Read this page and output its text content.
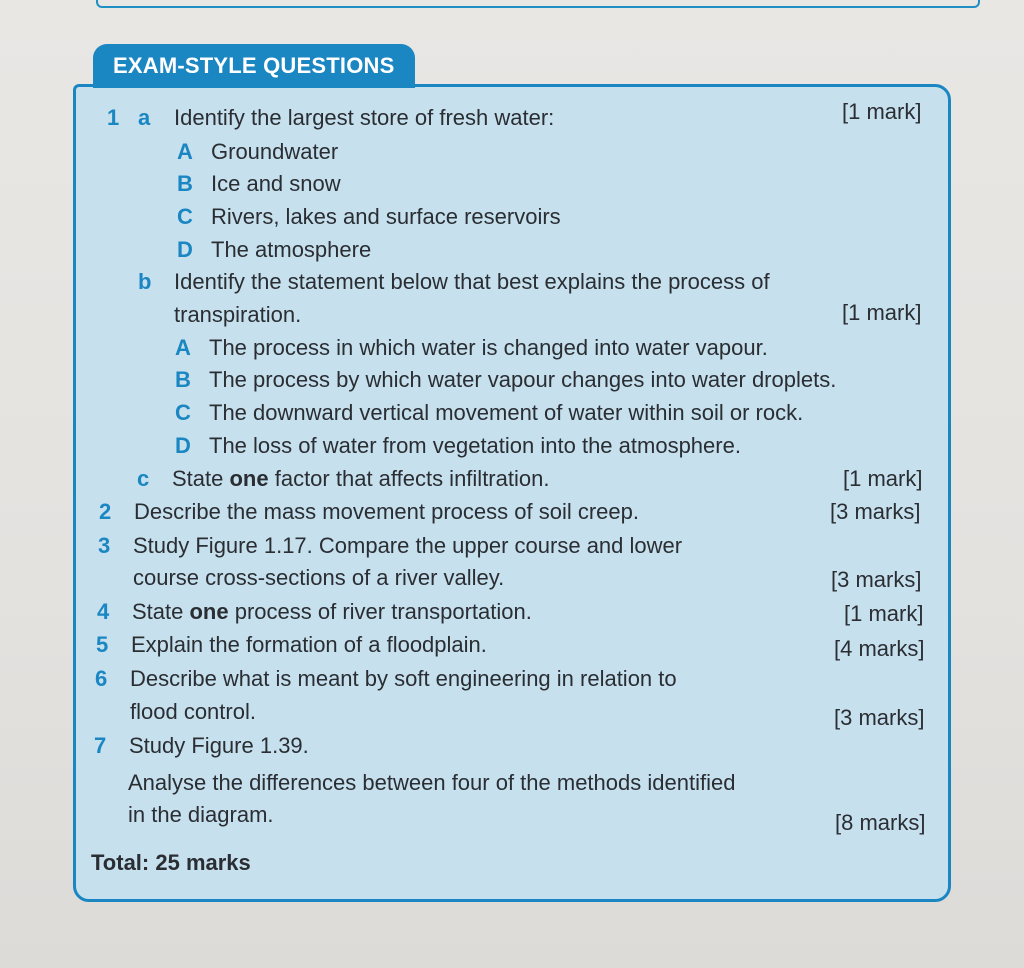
EXAM-STYLE QUESTIONS
1 a Identify the largest store of fresh water:	[1 mark]
A Groundwater
B Ice and snow
C Rivers, lakes and surface reservoirs
D The atmosphere
b Identify the statement below that best explains the process of
transpiration.	[1 mark]
A The process in which water is changed into water vapour.
B The process by which water vapour changes into water droplets.
C The downward vertical movement of water within soil or rock.
D The loss of water from vegetation into the atmosphere.
c State one factor that affects infiltration.	[1 mark]
2 Describe the mass movement process of soil creep.	[3 marks]
3 Study Figure 1.17. Compare the upper course and lower
course cross-sections of a river valley.	[3 marks]
4 State one process of river transportation.	[1 mark]
5 Explain the formation of a floodplain.	[4 marks]
6 Describe what is meant by soft engineering in relation to
flood control.	[3 marks]
7 Study Figure 1.39.
Analyse the differences between four of the methods identified
in the diagram.	[8 marks]
Total: 25 marks
